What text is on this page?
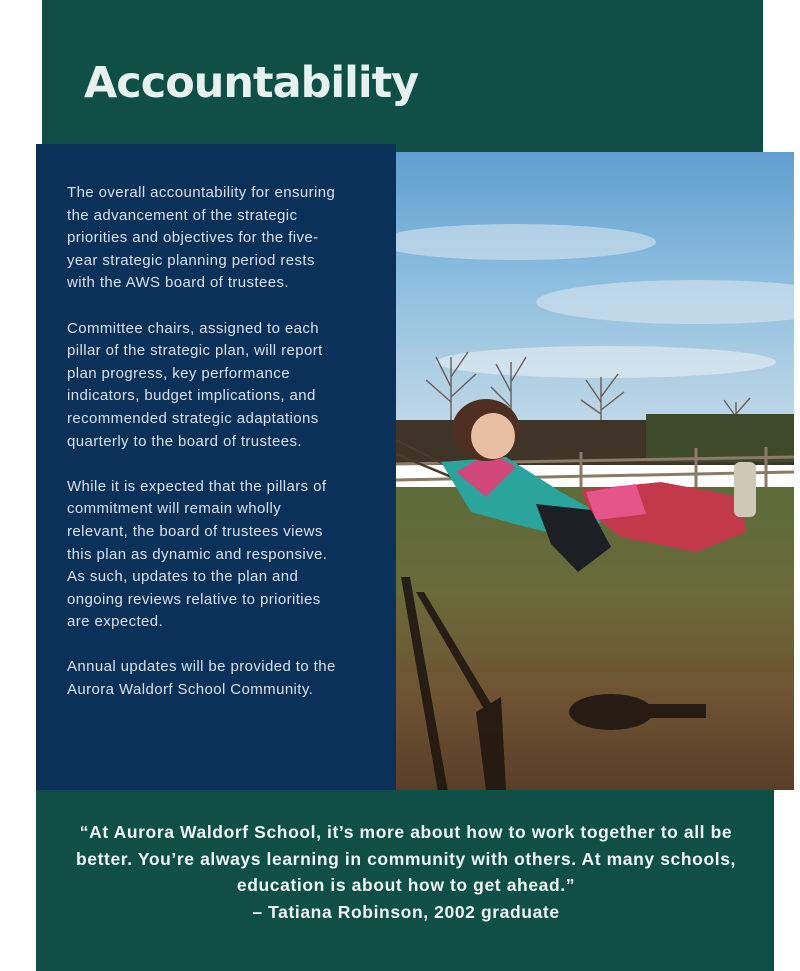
Accountability

The overall accountability for ensuring the advancement of the strategic priorities and objectives for the five-year strategic planning period rests with the AWS board of trustees.

Committee chairs, assigned to each pillar of the strategic plan, will report plan progress, key performance indicators, budget implications, and recommended strategic adaptations quarterly to the board of trustees.

While it is expected that the pillars of commitment will remain wholly relevant, the board of trustees views this plan as dynamic and responsive. As such, updates to the plan and ongoing reviews relative to priorities are expected.

Annual updates will be provided to the Aurora Waldorf School Community.

“At Aurora Waldorf School, it’s more about how to work together to all be better. You’re always learning in community with others. At many schools, education is about how to get ahead.”
– Tatiana Robinson, 2002 graduate
